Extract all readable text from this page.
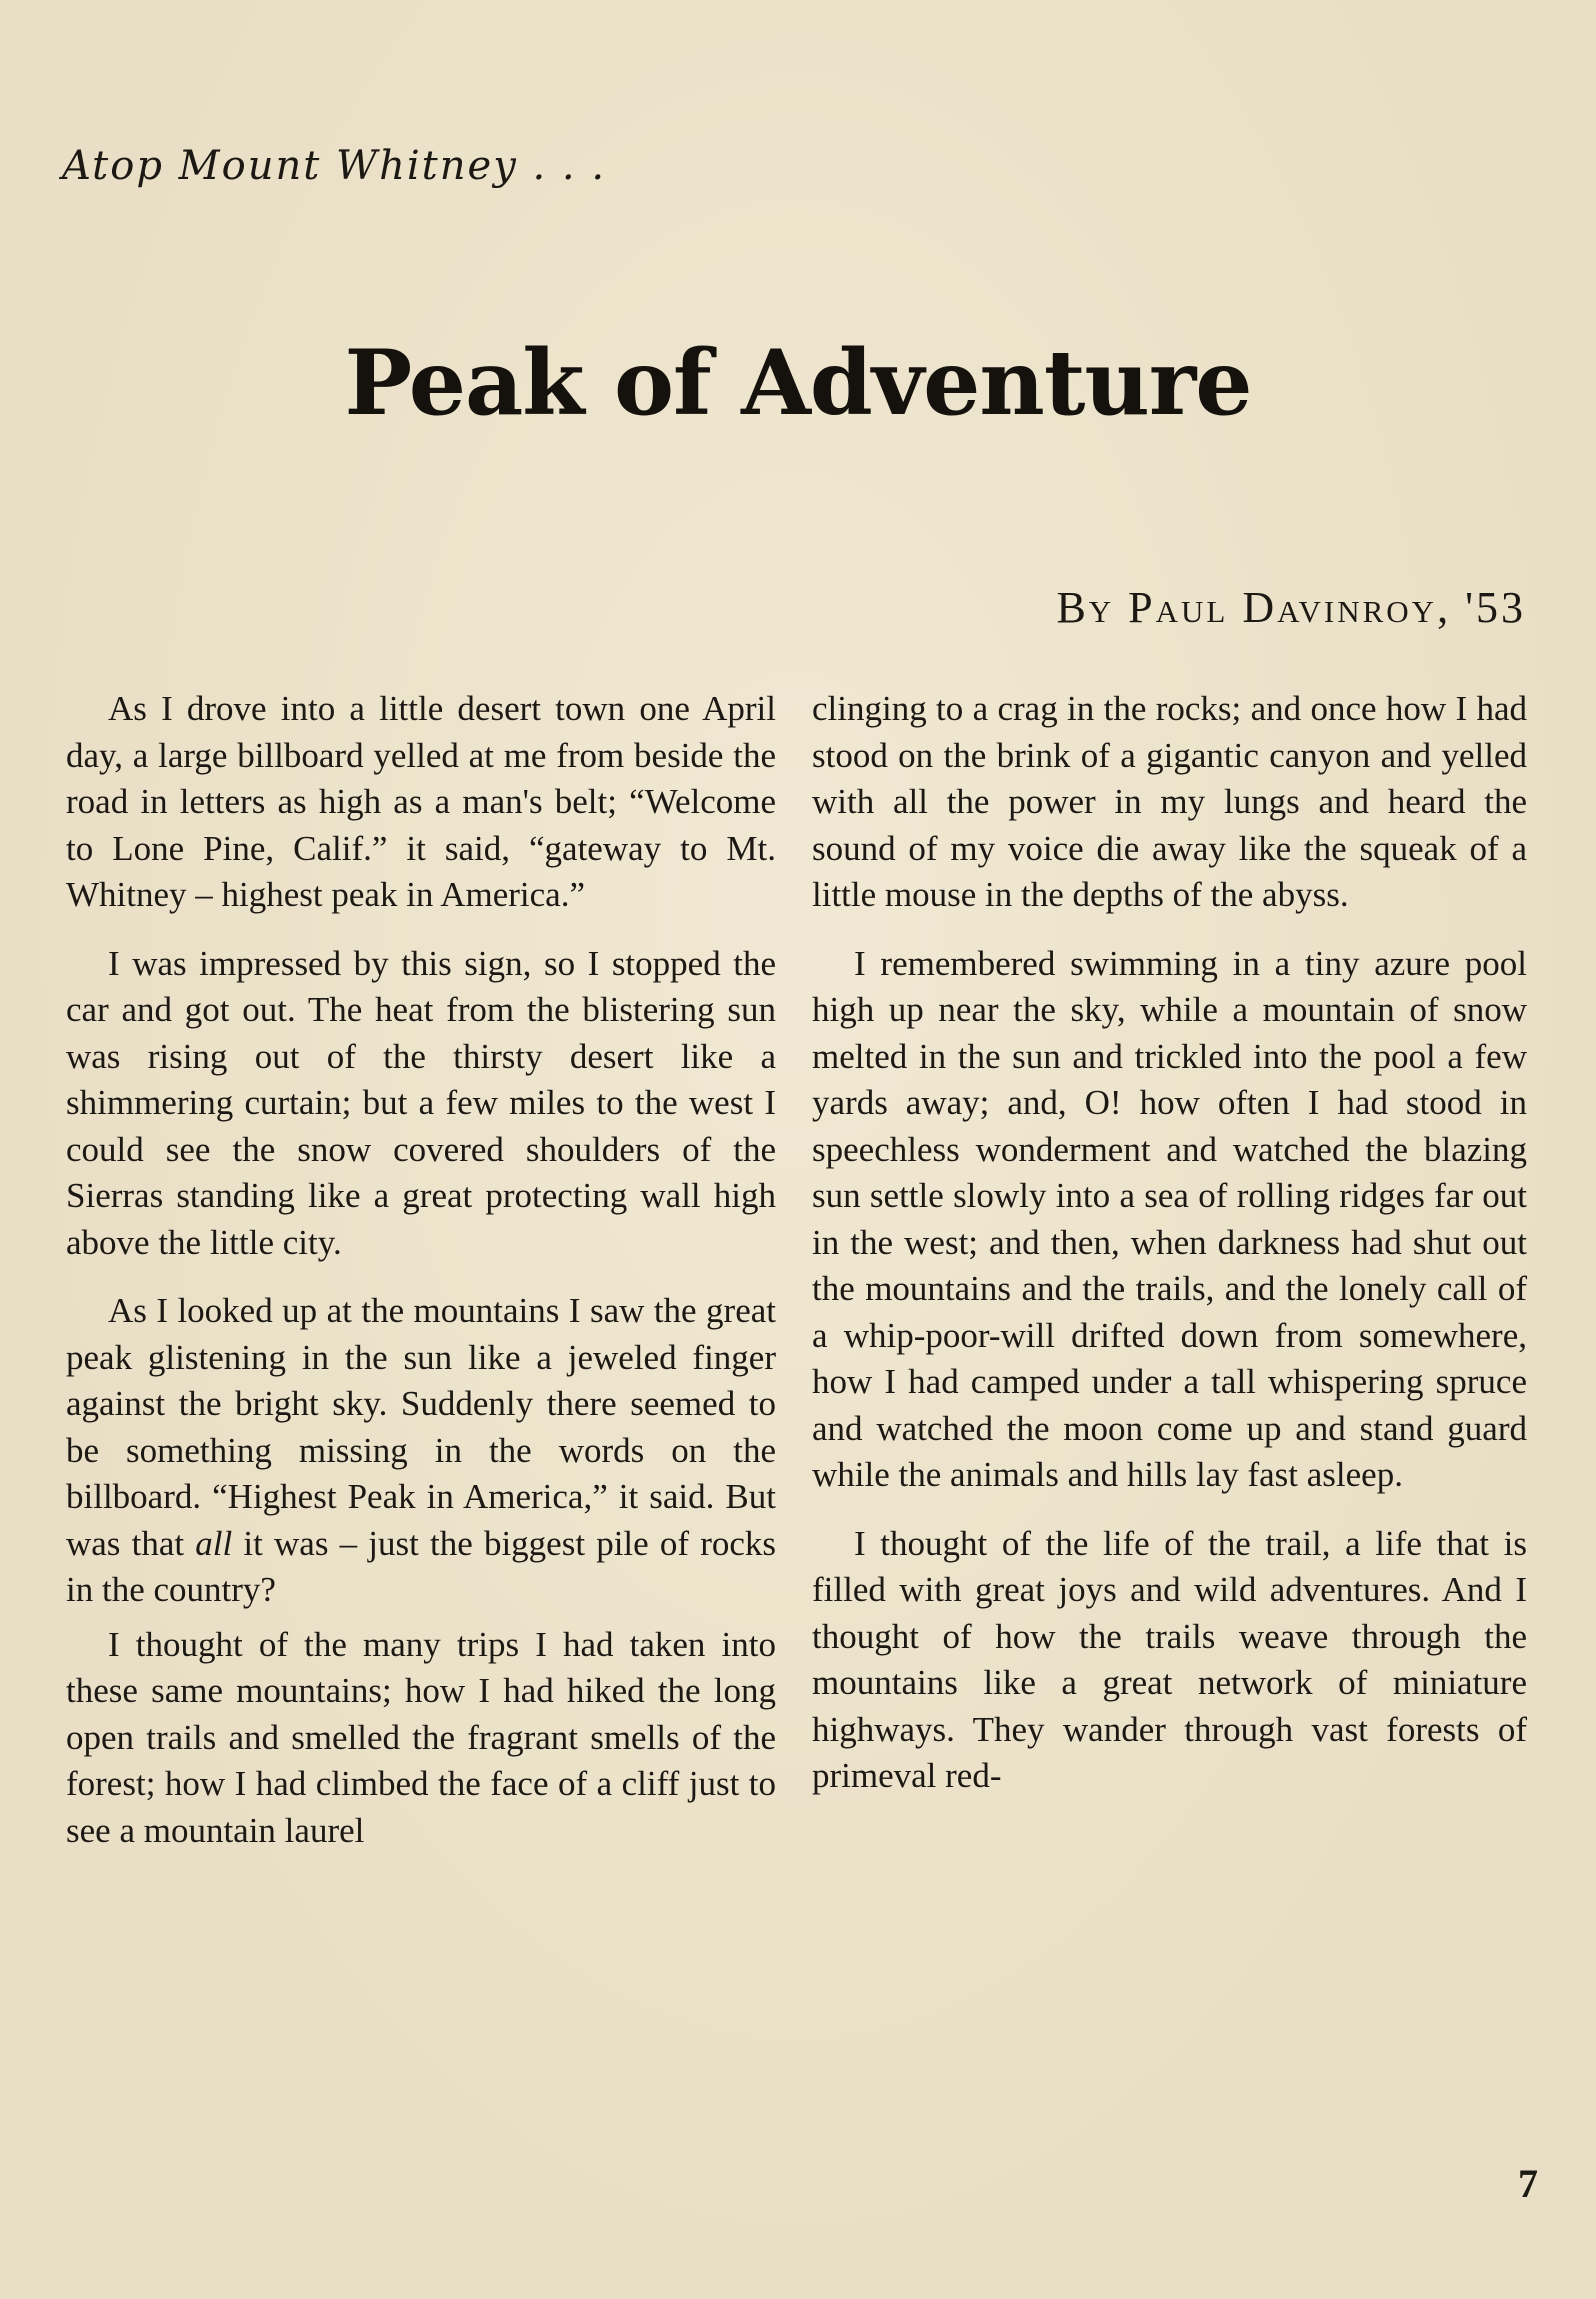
Atop Mount Whitney . . .
Peak of Adventure
By Paul Davinroy, '53

As I drove into a little desert town one April day, a large billboard yelled at me from beside the road in letters as high as a man's belt; “Welcome to Lone Pine, Calif.” it said, “gateway to Mt. Whitney – highest peak in America.”

I was impressed by this sign, so I stopped the car and got out. The heat from the blistering sun was rising out of the thirsty desert like a shimmering curtain; but a few miles to the west I could see the snow covered shoulders of the Sierras standing like a great protecting wall high above the little city.

As I looked up at the mountains I saw the great peak glistening in the sun like a jeweled finger against the bright sky. Suddenly there seemed to be something missing in the words on the billboard. “Highest Peak in America,” it said. But was that all it was – just the biggest pile of rocks in the country?

I thought of the many trips I had taken into these same mountains; how I had hiked the long open trails and smelled the fragrant smells of the forest; how I had climbed the face of a cliff just to see a mountain laurel

clinging to a crag in the rocks; and once how I had stood on the brink of a gigantic canyon and yelled with all the power in my lungs and heard the sound of my voice die away like the squeak of a little mouse in the depths of the abyss.

I remembered swimming in a tiny azure pool high up near the sky, while a mountain of snow melted in the sun and trickled into the pool a few yards away; and, O! how often I had stood in speechless wonderment and watched the blazing sun settle slowly into a sea of rolling ridges far out in the west; and then, when darkness had shut out the mountains and the trails, and the lonely call of a whip-poor-will drifted down from somewhere, how I had camped under a tall whispering spruce and watched the moon come up and stand guard while the animals and hills lay fast asleep.

I thought of the life of the trail, a life that is filled with great joys and wild adventures. And I thought of how the trails weave through the mountains like a great network of miniature highways. They wander through vast forests of primeval red-

7
